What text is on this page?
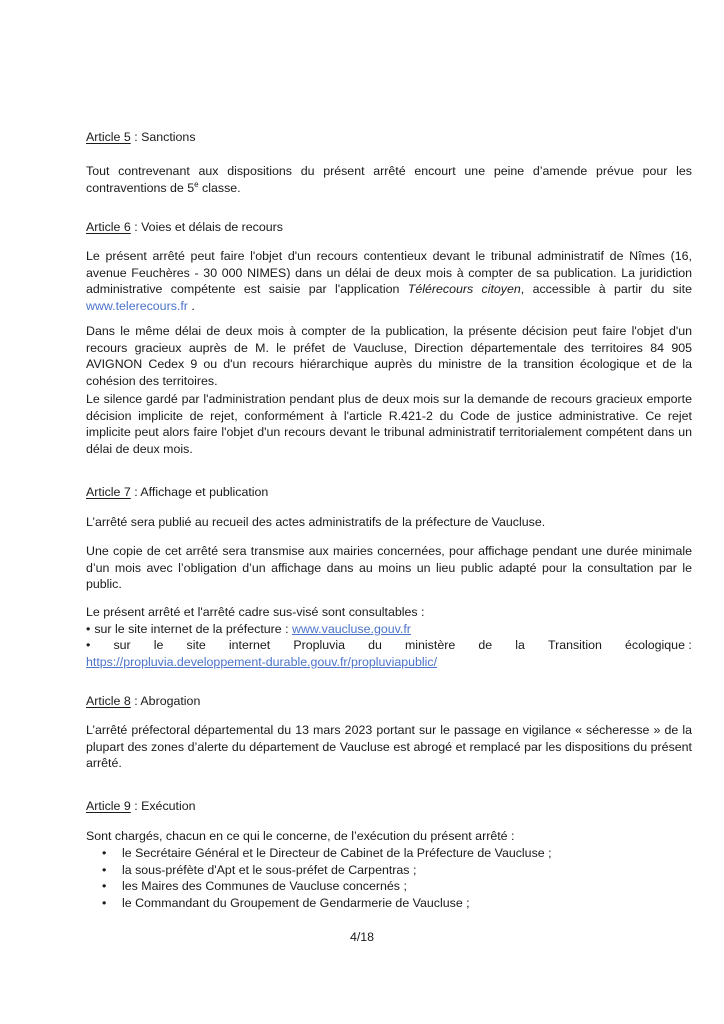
Article 5 : Sanctions

Tout contrevenant aux dispositions du présent arrêté encourt une peine d’amende prévue pour les contraventions de 5e classe.

Article 6 : Voies et délais de recours

Le présent arrêté peut faire l'objet d'un recours contentieux devant le tribunal administratif de Nîmes (16, avenue Feuchères - 30 000 NIMES) dans un délai de deux mois à compter de sa publication. La juridiction administrative compétente est saisie par l'application Télérecours citoyen, accessible à partir du site www.telerecours.fr .

Dans le même délai de deux mois à compter de la publication, la présente décision peut faire l'objet d'un recours gracieux auprès de M. le préfet de Vaucluse, Direction départementale des territoires 84 905 AVIGNON Cedex 9 ou d'un recours hiérarchique auprès du ministre de la transition écologique et de la cohésion des territoires.

Le silence gardé par l'administration pendant plus de deux mois sur la demande de recours gracieux emporte décision implicite de rejet, conformément à l'article R.421-2 du Code de justice administrative. Ce rejet implicite peut alors faire l'objet d'un recours devant le tribunal administratif territorialement compétent dans un délai de deux mois.

Article 7 : Affichage et publication

L’arrêté sera publié au recueil des actes administratifs de la préfecture de Vaucluse.

Une copie de cet arrêté sera transmise aux mairies concernées, pour affichage pendant une durée minimale d’un mois avec l’obligation d’un affichage dans au moins un lieu public adapté pour la consultation par le public.

Le présent arrêté et l'arrêté cadre sus-visé sont consultables :
• sur le site internet de la préfecture : www.vaucluse.gouv.fr
• sur le site internet Propluvia du ministère de la Transition écologique :
https://propluvia.developpement-durable.gouv.fr/propluviapublic/

Article 8 : Abrogation

L’arrêté préfectoral départemental du 13 mars 2023 portant sur le passage en vigilance « sécheresse » de la plupart des zones d’alerte du département de Vaucluse est abrogé et remplacé par les dispositions du présent arrêté.

Article 9 : Exécution

Sont chargés, chacun en ce qui le concerne, de l’exécution du présent arrêté :

• le Secrétaire Général et le Directeur de Cabinet de la Préfecture de Vaucluse ;
• la sous-préfète d'Apt et le sous-préfet de Carpentras ;
• les Maires des Communes de Vaucluse concernés ;
• le Commandant du Groupement de Gendarmerie de Vaucluse ;
4/18
